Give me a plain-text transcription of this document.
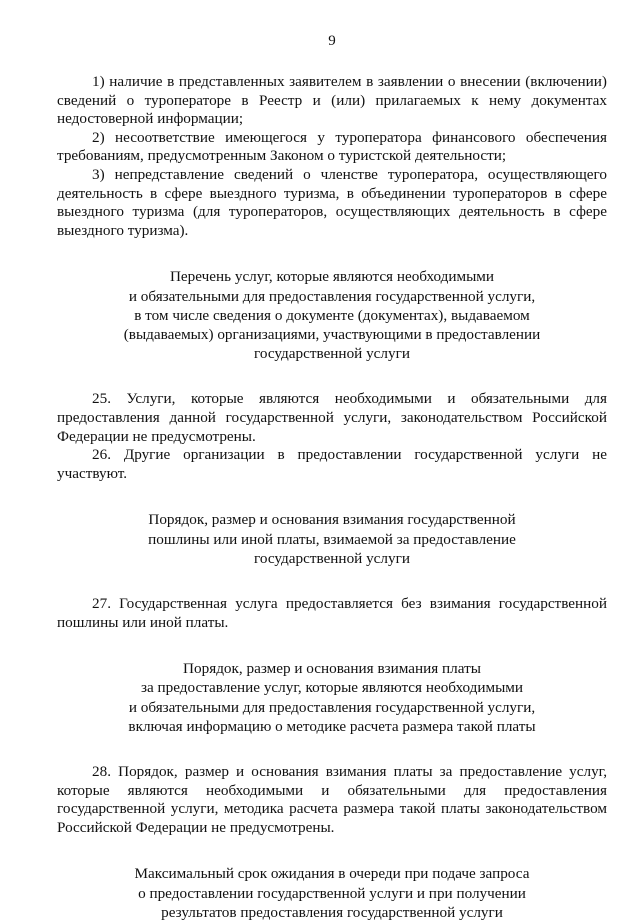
9

1) наличие в представленных заявителем в заявлении о внесении (включении) сведений о туроператоре в Реестр и (или) прилагаемых к нему документах недостоверной информации;

2) несоответствие имеющегося у туроператора финансового обеспечения требованиям, предусмотренным Законом о туристской деятельности;

3) непредставление сведений о членстве туроператора, осуществляющего деятельность в сфере выездного туризма, в объединении туроператоров в сфере выездного туризма (для туроператоров, осуществляющих деятельность в сфере выездного туризма).

Перечень услуг, которые являются необходимыми
и обязательными для предоставления государственной услуги,
в том числе сведения о документе (документах), выдаваемом
(выдаваемых) организациями, участвующими в предоставлении
государственной услуги

25. Услуги, которые являются необходимыми и обязательными для предоставления данной государственной услуги, законодательством Российской Федерации не предусмотрены.

26. Другие организации в предоставлении государственной услуги не участвуют.

Порядок, размер и основания взимания государственной
пошлины или иной платы, взимаемой за предоставление
государственной услуги

27. Государственная услуга предоставляется без взимания государственной пошлины или иной платы.

Порядок, размер и основания взимания платы
за предоставление услуг, которые являются необходимыми
и обязательными для предоставления государственной услуги,
включая информацию о методике расчета размера такой платы

28. Порядок, размер и основания взимания платы за предоставление услуг, которые являются необходимыми и обязательными для предоставления государственной услуги, методика расчета размера такой платы законодательством Российской Федерации не предусмотрены.

Максимальный срок ожидания в очереди при подаче запроса
о предоставлении государственной услуги и при получении
результатов предоставления государственной услуги
